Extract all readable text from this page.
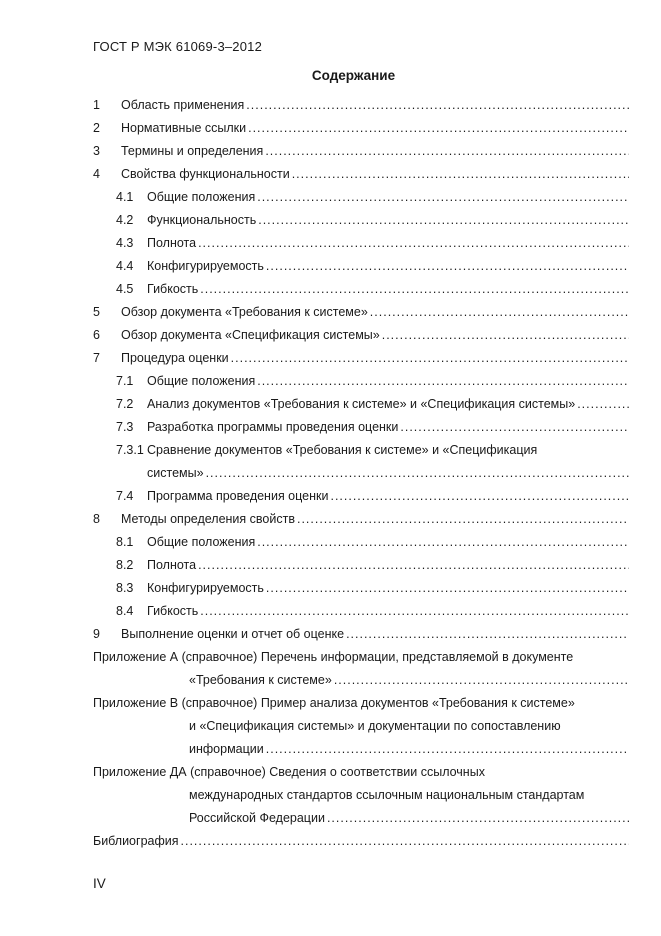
ГОСТ Р МЭК 61069-3–2012
Содержание
1 Область применения
.....
2 Нормативные ссылки
.....
3 Термины и определения
.....
4 Свойства функциональности
.....
4.1 Общие положения
.....
4.2 Функциональность
.....
4.3 Полнота
.....
4.4 Конфигурируемость
.....
4.5 Гибкость
.....
5 Обзор документа «Требования к системе»
.....
6 Обзор документа «Спецификация системы»
.....
7 Процедура оценки
.....
7.1 Общие положения
.....
7.2 Анализ документов «Требования к системе» и «Спецификация системы»
.....
7.3 Разработка программы проведения оценки
.....
7.3.1 Сравнение документов «Требования к системе» и «Спецификация
системы»
.....
7.4 Программа проведения оценки
.....
8 Методы определения свойств
.....
8.1 Общие положения
.....
8.2 Полнота
.....
8.3 Конфигурируемость
.....
8.4 Гибкость
.....
9 Выполнение оценки и отчет об оценке
.....
Приложение А (справочное) Перечень информации, представляемой в документе
«Требования к системе»
.....
Приложение В (справочное) Пример анализа документов «Требования к системе»
и «Спецификация системы» и документации по сопоставлению
информации
.....
Приложение ДА (справочное) Сведения о соответствии ссылочных
международных стандартов ссылочным национальным стандартам
Российской Федерации
.....
Библиография
.....
IV
